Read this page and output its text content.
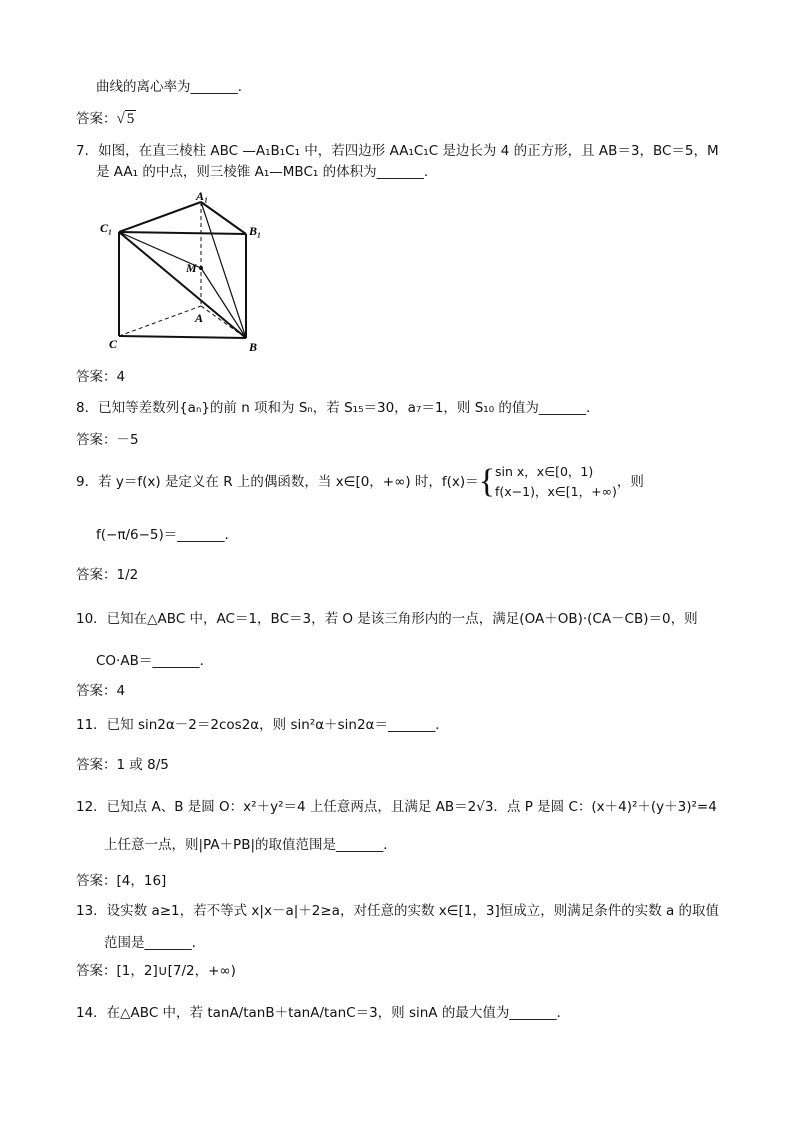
曲线的离心率为_______．
答案：√ 5
7．如图，在直三棱柱 ABC —A₁B₁C₁ 中，若四边形 AA₁C₁C 是边长为 4 的正方形，且 AB＝3，BC＝5，M
是 AA₁ 的中点，则三棱锥 A₁—MBC₁ 的体积为_______．
A₁
B₁
C₁
M
A
B
C
答案：4
8．已知等差数列{aₙ}的前 n 项和为 Sₙ，若 S₁₅＝30，a₇＝1，则 S₁₀ 的值为_______．
答案：－5
9．若 y＝f(x) 是定义在 R 上的偶函数，当 x∈[0，+∞) 时，f(x)＝ { sin x，x∈[0，1)
f(x−1)，x∈[1，+∞)
，则
f(−π/6−5)＝_______．
答案：1/2
10．已知在△ABC 中，AC＝1，BC＝3，若 O 是该三角形内的一点，满足(OA＋OB)·(CA－CB)＝0，则
CO·AB＝_______．
答案：4
11．已知 sin2α－2＝2cos2α，则 sin²α＋sin2α＝_______．
答案：1 或 8/5
12．已知点 A、B 是圆 O：x²＋y²＝4 上任意两点，且满足 AB＝2√3．点 P 是圆 C：(x＋4)²＋(y＋3)²=4
上任意一点，则|PA＋PB|的取值范围是_______．
答案：[4，16]
13．设实数 a≥1，若不等式 x|x－a|＋2≥a，对任意的实数 x∈[1，3]恒成立，则满足条件的实数 a 的取值
范围是_______．
答案：[1，2]∪[7/2，+∞)
14．在△ABC 中，若 tanA/tanB＋tanA/tanC＝3，则 sinA 的最大值为_______．
